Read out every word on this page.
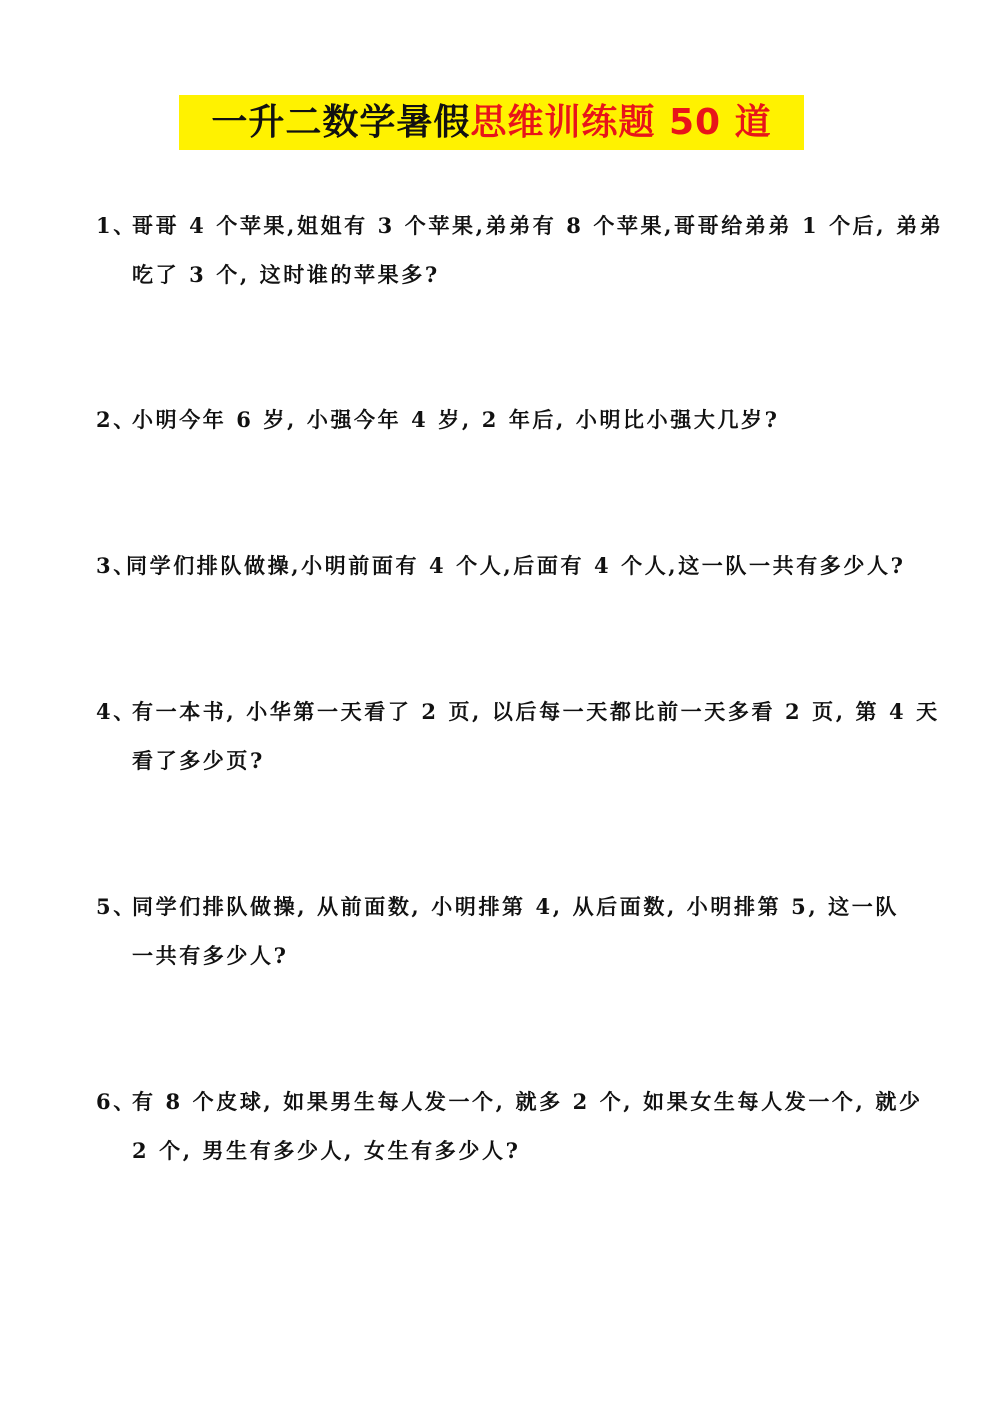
一升二数学暑假思维训练题 50 道
1、哥哥 4 个苹果,姐姐有 3 个苹果,弟弟有 8 个苹果,哥哥给弟弟 1 个后, 弟弟
吃了 3 个, 这时谁的苹果多?
2、小明今年 6 岁, 小强今年 4 岁, 2 年后, 小明比小强大几岁?
3、同学们排队做操,小明前面有 4 个人,后面有 4 个人,这一队一共有多少人?
4、有一本书, 小华第一天看了 2 页, 以后每一天都比前一天多看 2 页, 第 4 天
看了多少页?
5、同学们排队做操, 从前面数, 小明排第 4, 从后面数, 小明排第 5, 这一队
一共有多少人?
6、有 8 个皮球, 如果男生每人发一个, 就多 2 个, 如果女生每人发一个, 就少
2 个, 男生有多少人, 女生有多少人?
